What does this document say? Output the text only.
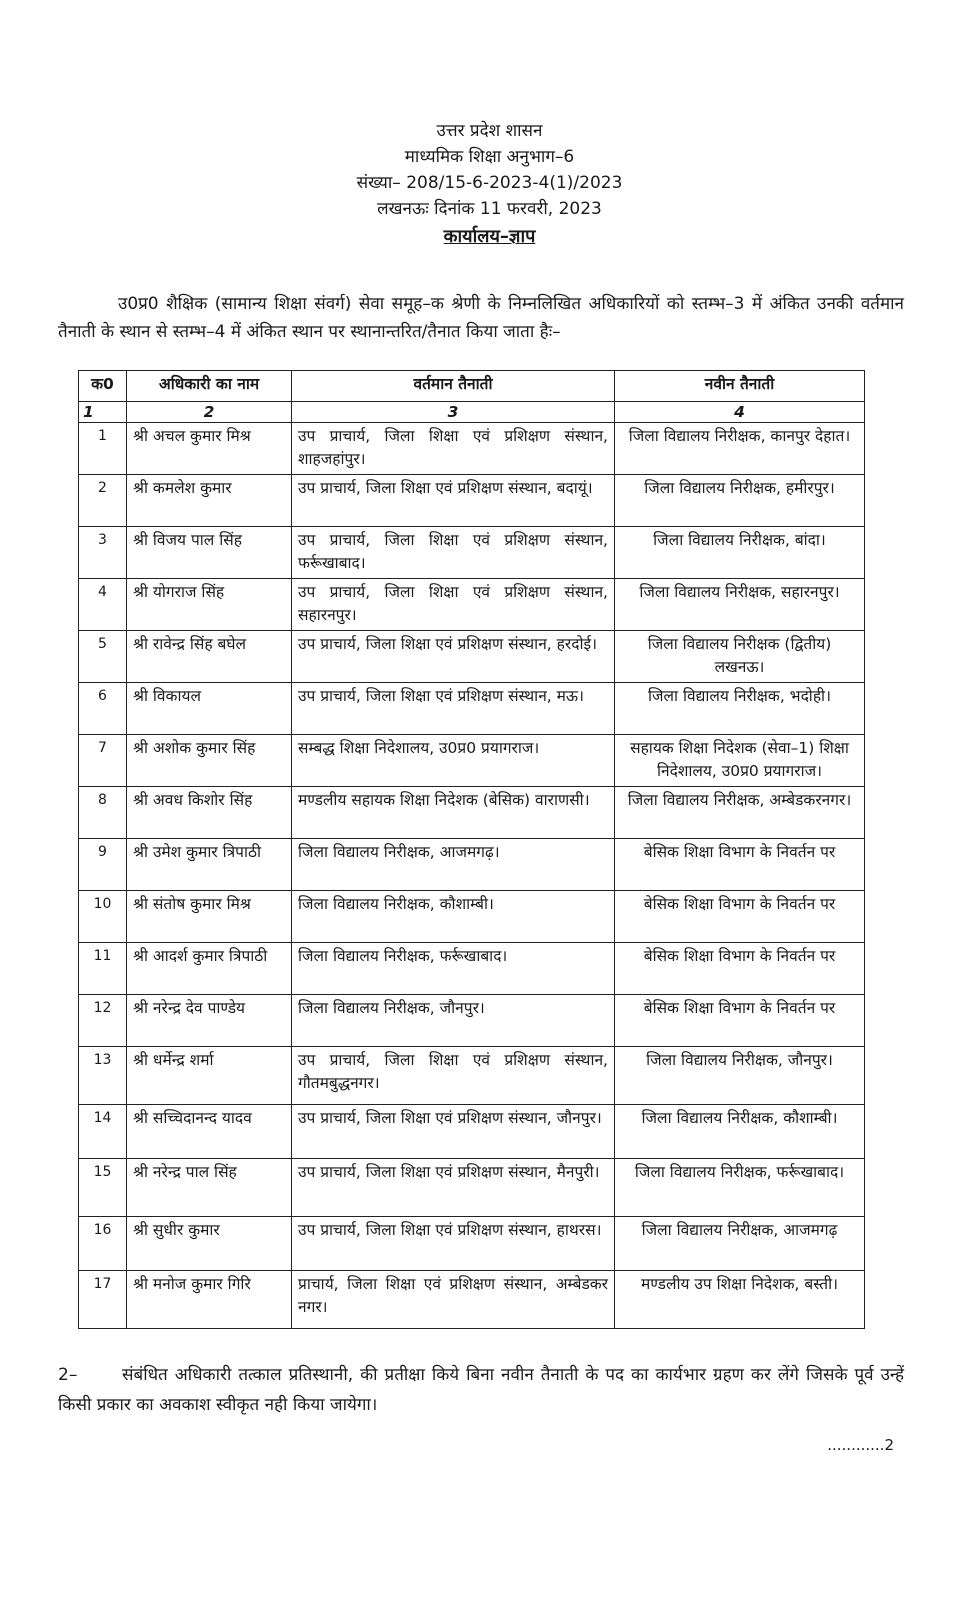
उत्तर प्रदेश शासन
माध्यमिक शिक्षा अनुभाग–6
संख्या– 208/15-6-2023-4(1)/2023
लखनऊः दिनांक 11 फरवरी, 2023
कार्यालय–ज्ञाप
उ0प्र0 शैक्षिक (सामान्य शिक्षा संवर्ग) सेवा समूह–क श्रेणी के निम्नलिखित अधिकारियों को स्तम्भ–3 में अंकित उनकी वर्तमान तैनाती के स्थान से स्तम्भ–4 में अंकित स्थान पर स्थानान्तरित/तैनात किया जाता हैः–
क0	अधिकारी का नाम	वर्तमान तैनाती	नवीन तैनाती
1	2	3	4
1	श्री अचल कुमार मिश्र	उप प्राचार्य, जिला शिक्षा एवं प्रशिक्षण संस्थान, शाहजहांपुर।	जिला विद्यालय निरीक्षक, कानपुर देहात।
2	श्री कमलेश कुमार	उप प्राचार्य, जिला शिक्षा एवं प्रशिक्षण संस्थान, बदायूं।	जिला विद्यालय निरीक्षक, हमीरपुर।
3	श्री विजय पाल सिंह	उप प्राचार्य, जिला शिक्षा एवं प्रशिक्षण संस्थान, फर्रूखाबाद।	जिला विद्यालय निरीक्षक, बांदा।
4	श्री योगराज सिंह	उप प्राचार्य, जिला शिक्षा एवं प्रशिक्षण संस्थान, सहारनपुर।	जिला विद्यालय निरीक्षक, सहारनपुर।
5	श्री रावेन्द्र सिंह बघेल	उप प्राचार्य, जिला शिक्षा एवं प्रशिक्षण संस्थान, हरदोई।	जिला विद्यालय निरीक्षक (द्वितीय) लखनऊ।
6	श्री विकायल	उप प्राचार्य, जिला शिक्षा एवं प्रशिक्षण संस्थान, मऊ।	जिला विद्यालय निरीक्षक, भदोही।
7	श्री अशोक कुमार सिंह	सम्बद्ध शिक्षा निदेशालय, उ0प्र0 प्रयागराज।	सहायक शिक्षा निदेशक (सेवा–1) शिक्षा निदेशालय, उ0प्र0 प्रयागराज।
8	श्री अवध किशोर सिंह	मण्डलीय सहायक शिक्षा निदेशक (बेसिक) वाराणसी।	जिला विद्यालय निरीक्षक, अम्बेडकरनगर।
9	श्री उमेश कुमार त्रिपाठी	जिला विद्यालय निरीक्षक, आजमगढ़।	बेसिक शिक्षा विभाग के निवर्तन पर
10	श्री संतोष कुमार मिश्र	जिला विद्यालय निरीक्षक, कौशाम्बी।	बेसिक शिक्षा विभाग के निवर्तन पर
11	श्री आदर्श कुमार त्रिपाठी	जिला विद्यालय निरीक्षक, फर्रूखाबाद।	बेसिक शिक्षा विभाग के निवर्तन पर
12	श्री नरेन्द्र देव पाण्डेय	जिला विद्यालय निरीक्षक, जौनपुर।	बेसिक शिक्षा विभाग के निवर्तन पर
13	श्री धर्मेन्द्र शर्मा	उप प्राचार्य, जिला शिक्षा एवं प्रशिक्षण संस्थान, गौतमबुद्धनगर।	जिला विद्यालय निरीक्षक, जौनपुर।
14	श्री सच्चिदानन्द यादव	उप प्राचार्य, जिला शिक्षा एवं प्रशिक्षण संस्थान, जौनपुर।	जिला विद्यालय निरीक्षक, कौशाम्बी।
15	श्री नरेन्द्र पाल सिंह	उप प्राचार्य, जिला शिक्षा एवं प्रशिक्षण संस्थान, मैनपुरी।	जिला विद्यालय निरीक्षक, फर्रूखाबाद।
16	श्री सुधीर कुमार	उप प्राचार्य, जिला शिक्षा एवं प्रशिक्षण संस्थान, हाथरस।	जिला विद्यालय निरीक्षक, आजमगढ़
17	श्री मनोज कुमार गिरि	प्राचार्य, जिला शिक्षा एवं प्रशिक्षण संस्थान, अम्बेडकर नगर।	मण्डलीय उप शिक्षा निदेशक, बस्ती।
2–	संबंधित अधिकारी तत्काल प्रतिस्थानी, की प्रतीक्षा किये बिना नवीन तैनाती के पद का कार्यभार ग्रहण कर लेंगे जिसके पूर्व उन्हें किसी प्रकार का अवकाश स्वीकृत नही किया जायेगा।
............2
